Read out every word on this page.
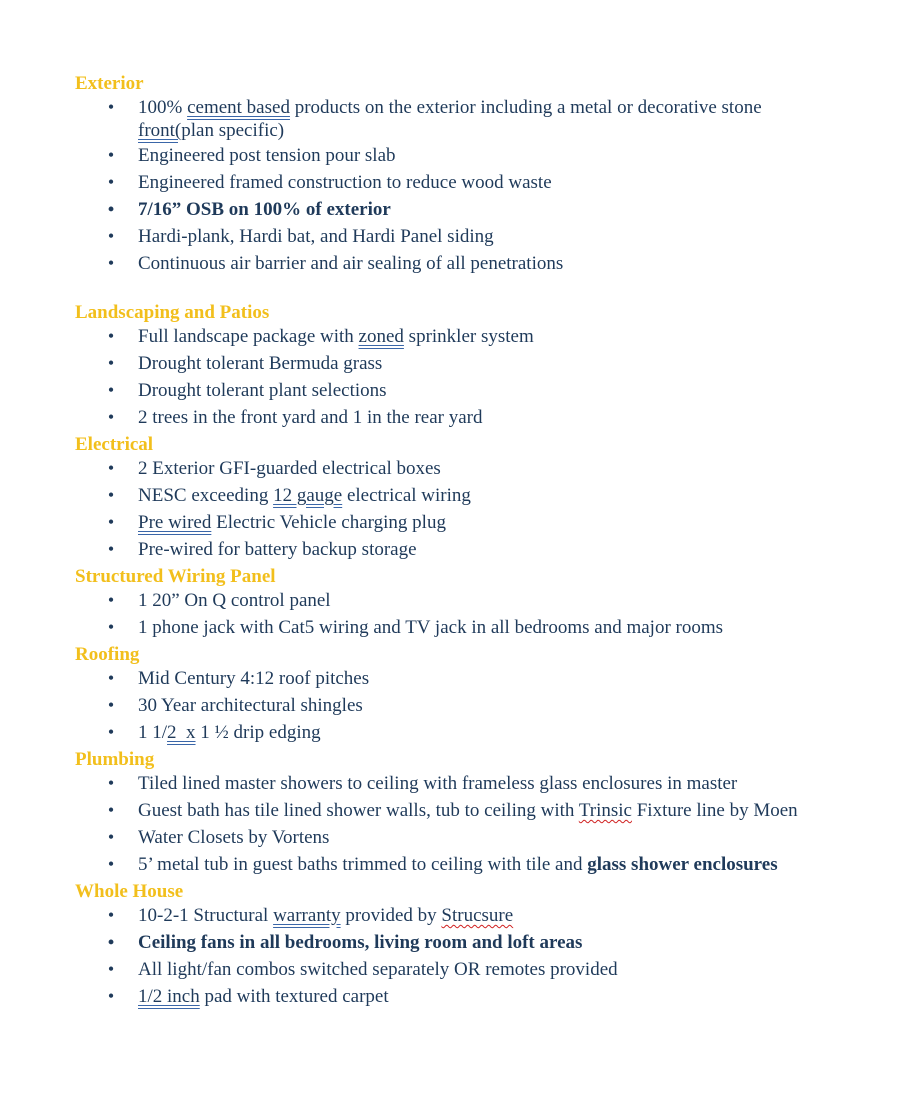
Exterior
• 100% cement based products on the exterior including a metal or decorative stone
front(plan specific)
• Engineered post tension pour slab
• Engineered framed construction to reduce wood waste
• 7/16” OSB on 100% of exterior
• Hardi-plank, Hardi bat, and Hardi Panel siding
• Continuous air barrier and air sealing of all penetrations
Landscaping and Patios
• Full landscape package with zoned sprinkler system
• Drought tolerant Bermuda grass
• Drought tolerant plant selections
• 2 trees in the front yard and 1 in the rear yard
Electrical
• 2 Exterior GFI-guarded electrical boxes
• NESC exceeding 12 gauge electrical wiring
• Pre wired Electric Vehicle charging plug
• Pre-wired for battery backup storage
Structured Wiring Panel
• 1 20” On Q control panel
• 1 phone jack with Cat5 wiring and TV jack in all bedrooms and major rooms
Roofing
• Mid Century 4:12 roof pitches
• 30 Year architectural shingles
• 1 1/2  x 1 ½ drip edging
Plumbing
• Tiled lined master showers to ceiling with frameless glass enclosures in master
• Guest bath has tile lined shower walls, tub to ceiling with Trinsic Fixture line by Moen
• Water Closets by Vortens
• 5’ metal tub in guest baths trimmed to ceiling with tile and glass shower enclosures
Whole House
• 10-2-1 Structural warranty provided by Strucsure
• Ceiling fans in all bedrooms, living room and loft areas
• All light/fan combos switched separately OR remotes provided
• 1/2 inch pad with textured carpet
